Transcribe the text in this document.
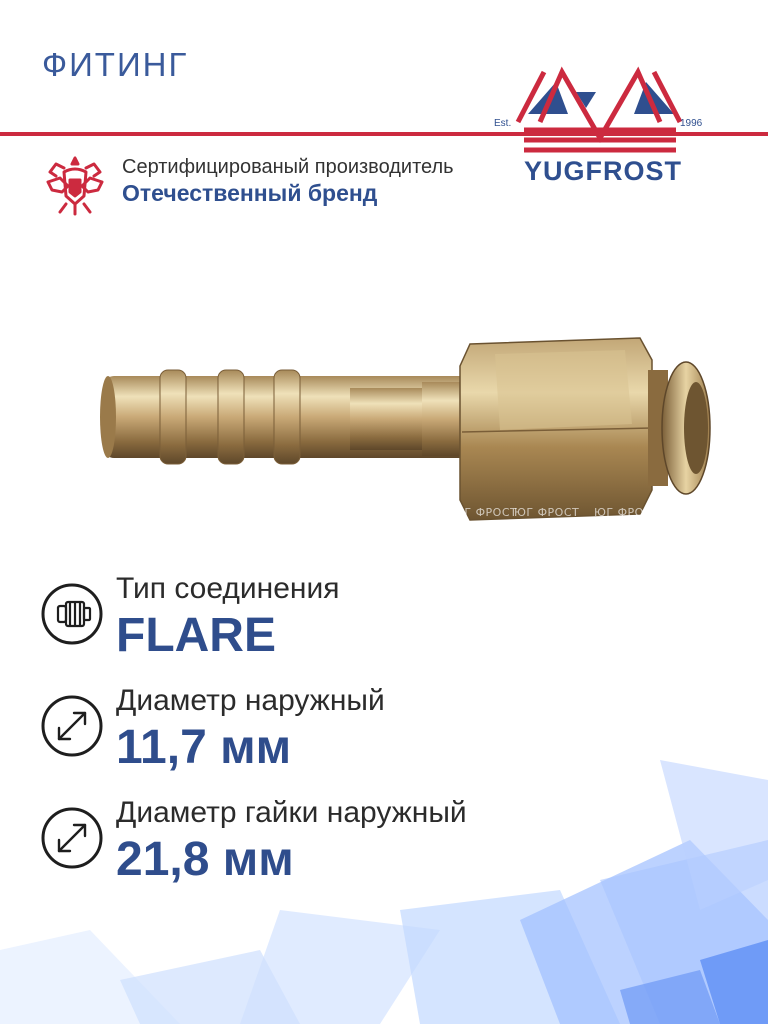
ФИТИНГ
Est.	1996
YUGFROST
Сертифицированый производитель
Отечественный бренд
ЮГ ФРОСТ
ЮГ ФРОСТ ЮГ ФРОСТ
Тип соединения
FLARE
Диаметр наружный
11,7 мм
Диаметр гайки наружный
21,8 мм
